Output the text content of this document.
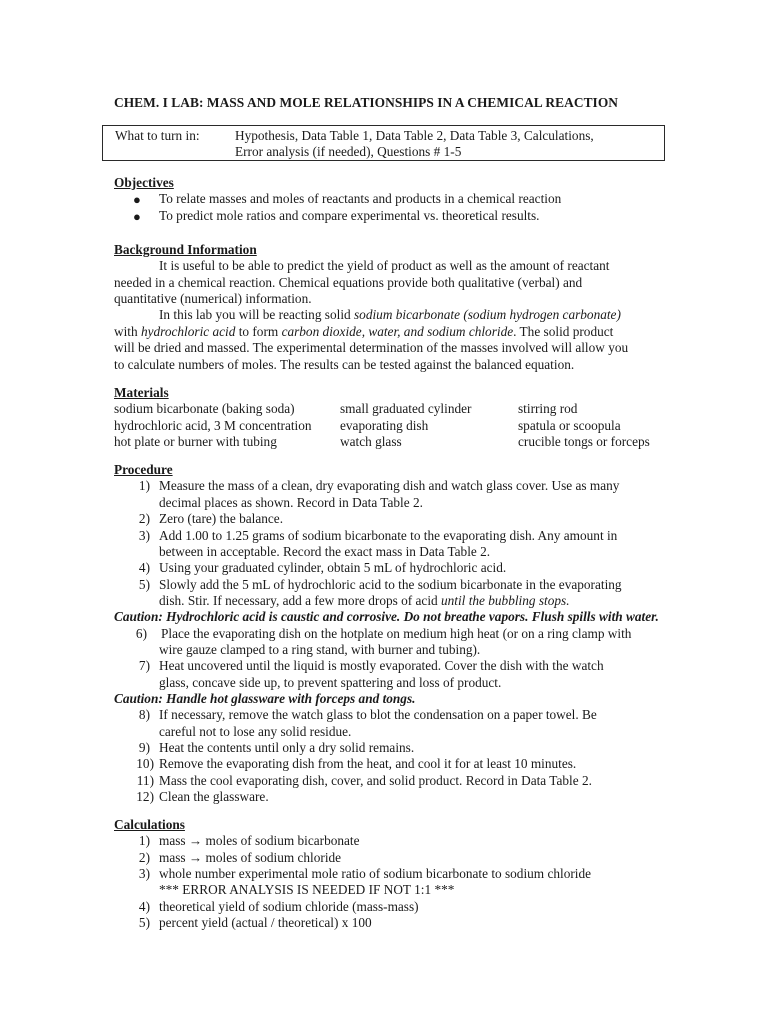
CHEM. I LAB: MASS AND MOLE RELATIONSHIPS IN A CHEMICAL REACTION
What to turn in:	Hypothesis, Data Table 1, Data Table 2, Data Table 3, Calculations,
Error analysis (if needed), Questions # 1-5
Objectives
● To relate masses and moles of reactants and products in a chemical reaction
● To predict mole ratios and compare experimental vs. theoretical results.
Background Information
It is useful to be able to predict the yield of product as well as the amount of reactant
needed in a chemical reaction. Chemical equations provide both qualitative (verbal) and
quantitative (numerical) information.
In this lab you will be reacting solid sodium bicarbonate (sodium hydrogen carbonate)
with hydrochloric acid to form carbon dioxide, water, and sodium chloride. The solid product
will be dried and massed. The experimental determination of the masses involved will allow you
to calculate numbers of moles. The results can be tested against the balanced equation.
Materials
sodium bicarbonate (baking soda)
hydrochloric acid, 3 M concentration
hot plate or burner with tubing
small graduated cylinder
evaporating dish
watch glass
stirring rod
spatula or scoopula
crucible tongs or forceps
Procedure
1) Measure the mass of a clean, dry evaporating dish and watch glass cover. Use as many
decimal places as shown. Record in Data Table 2.
2) Zero (tare) the balance.
3) Add 1.00 to 1.25 grams of sodium bicarbonate to the evaporating dish. Any amount in
between in acceptable. Record the exact mass in Data Table 2.
4) Using your graduated cylinder, obtain 5 mL of hydrochloric acid.
5) Slowly add the 5 mL of hydrochloric acid to the sodium bicarbonate in the evaporating
dish. Stir. If necessary, add a few more drops of acid until the bubbling stops.
Caution: Hydrochloric acid is caustic and corrosive. Do not breathe vapors. Flush spills with water.
6) Place the evaporating dish on the hotplate on medium high heat (or on a ring clamp with
wire gauze clamped to a ring stand, with burner and tubing).
7) Heat uncovered until the liquid is mostly evaporated. Cover the dish with the watch
glass, concave side up, to prevent spattering and loss of product.
Caution: Handle hot glassware with forceps and tongs.
8) If necessary, remove the watch glass to blot the condensation on a paper towel. Be
careful not to lose any solid residue.
9) Heat the contents until only a dry solid remains.
10) Remove the evaporating dish from the heat, and cool it for at least 10 minutes.
11) Mass the cool evaporating dish, cover, and solid product. Record in Data Table 2.
12) Clean the glassware.
Calculations
1) mass → moles of sodium bicarbonate
2) mass → moles of sodium chloride
3) whole number experimental mole ratio of sodium bicarbonate to sodium chloride
*** ERROR ANALYSIS IS NEEDED IF NOT 1:1 ***
4) theoretical yield of sodium chloride (mass-mass)
5) percent yield (actual / theoretical) x 100
